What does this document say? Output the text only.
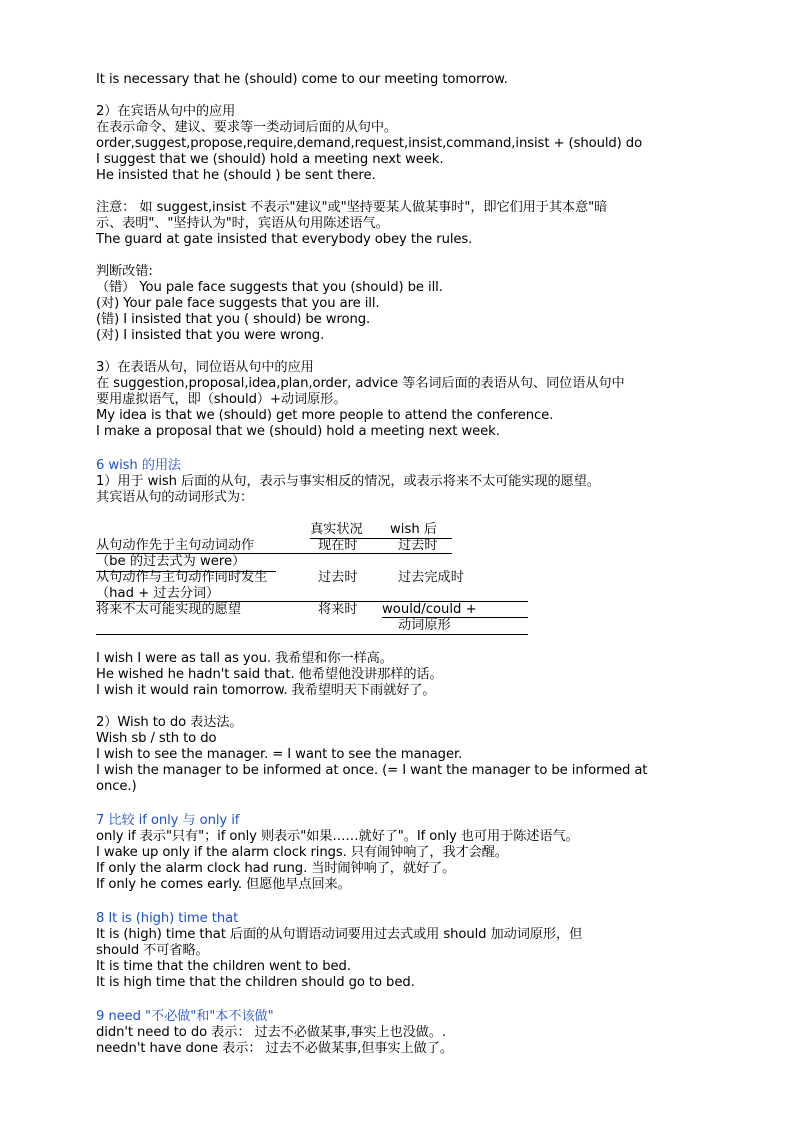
It is necessary that he (should) come to our meeting tomorrow.
2）在宾语从句中的应用
在表示命令、建议、要求等一类动词后面的从句中。
order,suggest,propose,require,demand,request,insist,command,insist + (should) do
I suggest that we (should) hold a meeting next week.
He insisted that he (should ) be sent there.
注意： 如 suggest,insist 不表示"建议"或"坚持要某人做某事时"，即它们用于其本意"暗
示、表明"、"坚持认为"时，宾语从句用陈述语气。
The guard at gate insisted that everybody obey the rules.
判断改错:
（错） You pale face suggests that you (should) be ill.
(对) Your pale face suggests that you are ill.
(错) I insisted that you ( should) be wrong.
(对) I insisted that you were wrong.
3）在表语从句，同位语从句中的应用
在 suggestion,proposal,idea,plan,order, advice 等名词后面的表语从句、同位语从句中
要用虚拟语气，即（should）+动词原形。
My idea is that we (should) get more people to attend the conference.
I make a proposal that we (should) hold a meeting next week.
6 wish 的用法
1）用于 wish 后面的从句，表示与事实相反的情况，或表示将来不太可能实现的愿望。
其宾语从句的动词形式为：
真实状况 wish 后
从句动作先于主句动词动作	现在时	过去时
（be 的过去式为 were）
从句动作与主句动作同时发生	过去时	过去完成时
（had + 过去分词）
将来不太可能实现的愿望	将来时 would/could +
动词原形
I wish I were as tall as you. 我希望和你一样高。
He wished he hadn't said that. 他希望他没讲那样的话。
I wish it would rain tomorrow. 我希望明天下雨就好了。
2）Wish to do 表达法。
Wish sb / sth to do
I wish to see the manager. = I want to see the manager.
I wish the manager to be informed at once. (= I want the manager to be informed at
once.)
7 比较 if only 与 only if
only if 表示"只有"；if only 则表示"如果……就好了"。If only 也可用于陈述语气。
I wake up only if the alarm clock rings. 只有闹钟响了，我才会醒。
If only the alarm clock had rung. 当时闹钟响了，就好了。
If only he comes early. 但愿他早点回来。
8 It is (high) time that
It is (high) time that 后面的从句谓语动词要用过去式或用 should 加动词原形，但
should 不可省略。
It is time that the children went to bed.
It is high time that the children should go to bed.
9 need "不必做"和"本不该做"
didn't need to do 表示： 过去不必做某事,事实上也没做。.
needn't have done 表示： 过去不必做某事,但事实上做了。
